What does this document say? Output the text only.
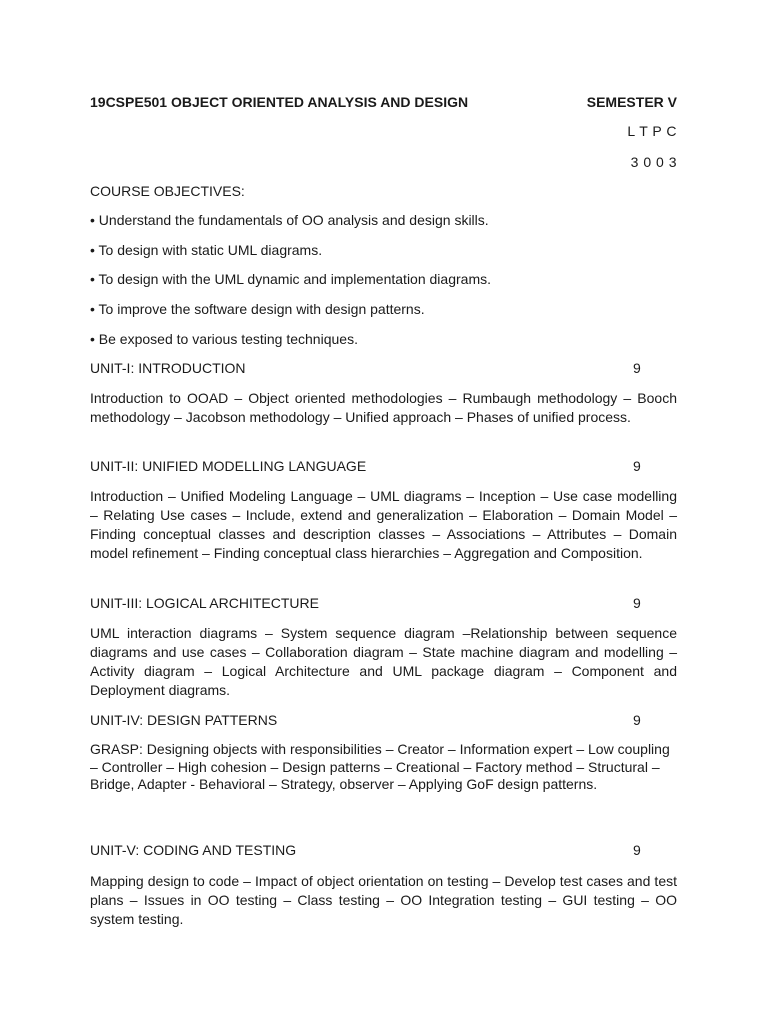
19CSPE501 OBJECT ORIENTED ANALYSIS AND DESIGN	SEMESTER V
L T P C
3 0 0 3
COURSE OBJECTIVES:
• Understand the fundamentals of OO analysis and design skills.
• To design with static UML diagrams.
• To design with the UML dynamic and implementation diagrams.
• To improve the software design with design patterns.
• Be exposed to various testing techniques.
UNIT-I: INTRODUCTION	9
Introduction to OOAD – Object oriented methodologies – Rumbaugh methodology – Booch methodology – Jacobson methodology – Unified approach – Phases of unified process.
UNIT-II: UNIFIED MODELLING LANGUAGE	9
Introduction – Unified Modeling Language – UML diagrams – Inception – Use case modelling – Relating Use cases – Include, extend and generalization – Elaboration – Domain Model – Finding conceptual classes and description classes – Associations – Attributes – Domain model refinement – Finding conceptual class hierarchies – Aggregation and Composition.
UNIT-III: LOGICAL ARCHITECTURE	9
UML interaction diagrams – System sequence diagram –Relationship between sequence diagrams and use cases – Collaboration diagram – State machine diagram and modelling – Activity diagram – Logical Architecture and UML package diagram – Component and Deployment diagrams.
UNIT-IV: DESIGN PATTERNS	9
GRASP: Designing objects with responsibilities – Creator – Information expert – Low coupling – Controller – High cohesion – Design patterns – Creational – Factory method – Structural – Bridge, Adapter - Behavioral – Strategy, observer – Applying GoF design patterns.
UNIT-V: CODING AND TESTING	9
Mapping design to code – Impact of object orientation on testing – Develop test cases and test plans – Issues in OO testing – Class testing – OO Integration testing – GUI testing – OO system testing.
